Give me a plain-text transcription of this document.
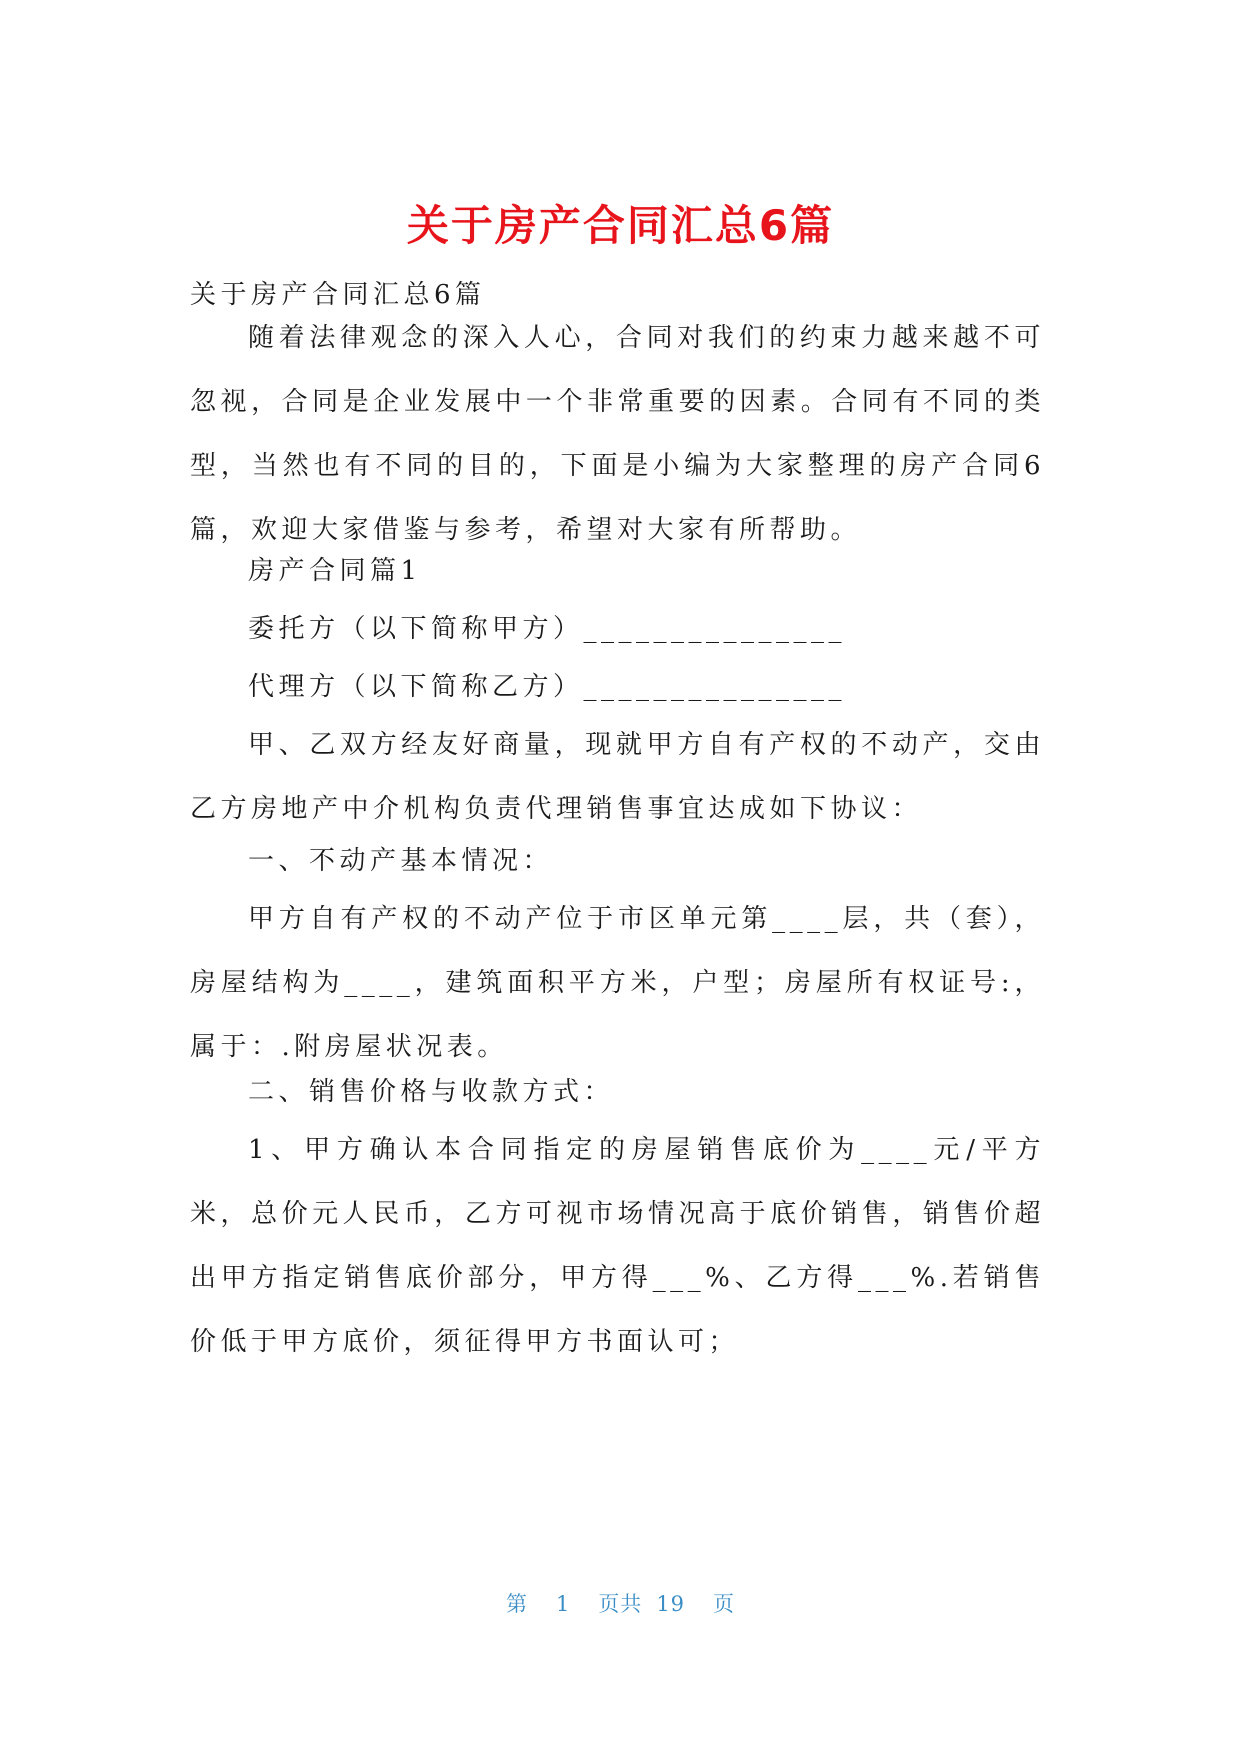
关于房产合同汇总6篇
关于房产合同汇总6篇
随着法律观念的深入人心，合同对我们的约束力越来越不可忽视，合同是企业发展中一个非常重要的因素。合同有不同的类型，当然也有不同的目的，下面是小编为大家整理的房产合同6篇，欢迎大家借鉴与参考，希望对大家有所帮助。
房产合同篇1
委托方（以下简称甲方）_______________
代理方（以下简称乙方）_______________
甲、乙双方经友好商量，现就甲方自有产权的不动产，交由乙方房地产中介机构负责代理销售事宜达成如下协议：
一、不动产基本情况：
甲方自有产权的不动产位于市区单元第____层，共（套），房屋结构为____，建筑面积平方米，户型；房屋所有权证号:，属于：.附房屋状况表。
二、销售价格与收款方式：
1、甲方确认本合同指定的房屋销售底价为____元/平方米，总价元人民币，乙方可视市场情况高于底价销售，销售价超出甲方指定销售底价部分，甲方得___%、乙方得___%.若销售价低于甲方底价，须征得甲方书面认可；
第 1 页共 19 页
